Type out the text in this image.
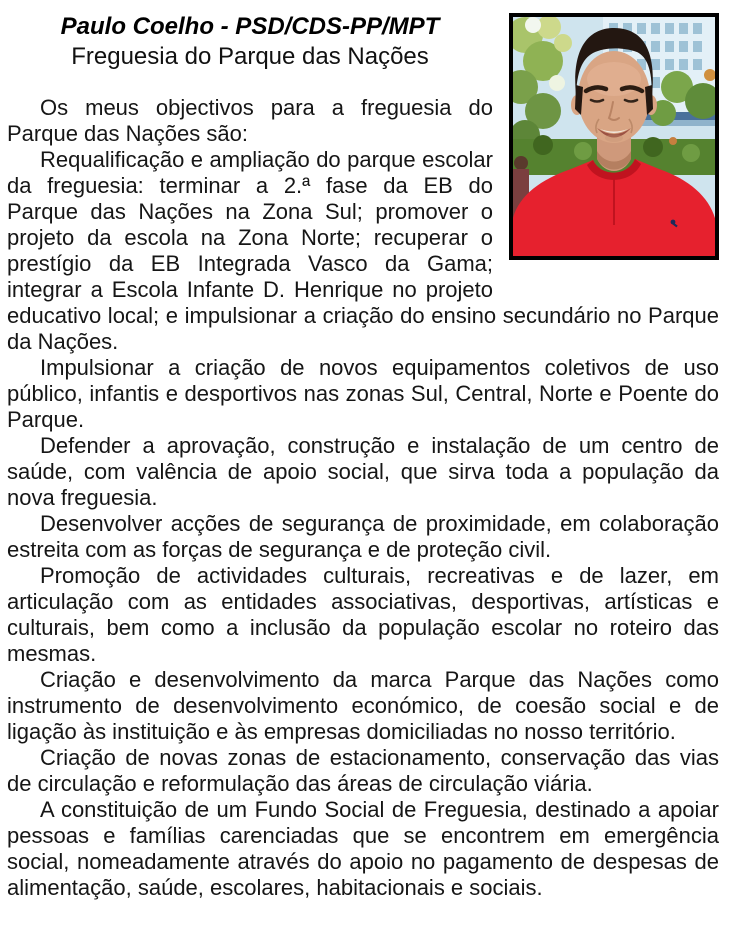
Paulo Coelho - PSD/CDS-PP/MPT
Freguesia do Parque das Nações

Os meus objectivos para a freguesia do Parque das Nações são:

Requalificação e ampliação do parque escolar da freguesia: terminar a 2.ª fase da EB do Parque das Nações na Zona Sul; promover o projeto da escola na Zona Norte; recuperar o prestígio da EB Integrada Vasco da Gama; integrar a Escola Infante D. Henrique no projeto educativo local; e impulsionar a criação do ensino secundário no Parque da Nações.

Impulsionar a criação de novos equipamentos coletivos de uso público, infantis e desportivos nas zonas Sul, Central, Norte e Poente do Parque.

Defender a aprovação, construção e instalação de um centro de saúde, com valência de apoio social, que sirva toda a população da nova freguesia.

Desenvolver acções de segurança de proximidade, em colaboração estreita com as forças de segurança e de proteção civil.

Promoção de actividades culturais, recreativas e de lazer, em articulação com as entidades associativas, desportivas, artísticas e culturais, bem como a inclusão da população escolar no roteiro das mesmas.

Criação e desenvolvimento da marca Parque das Nações como instrumento de desenvolvimento económico, de coesão social e de ligação às instituição e às empresas domiciliadas no nosso território.

Criação de novas zonas de estacionamento, conservação das vias de circulação e reformulação das áreas de circulação viária.

A constituição de um Fundo Social de Freguesia, destinado a apoiar pessoas e famílias carenciadas que se encontrem em emergência social, nomeadamente através do apoio no pagamento de despesas de alimentação, saúde, escolares, habitacionais e sociais.
